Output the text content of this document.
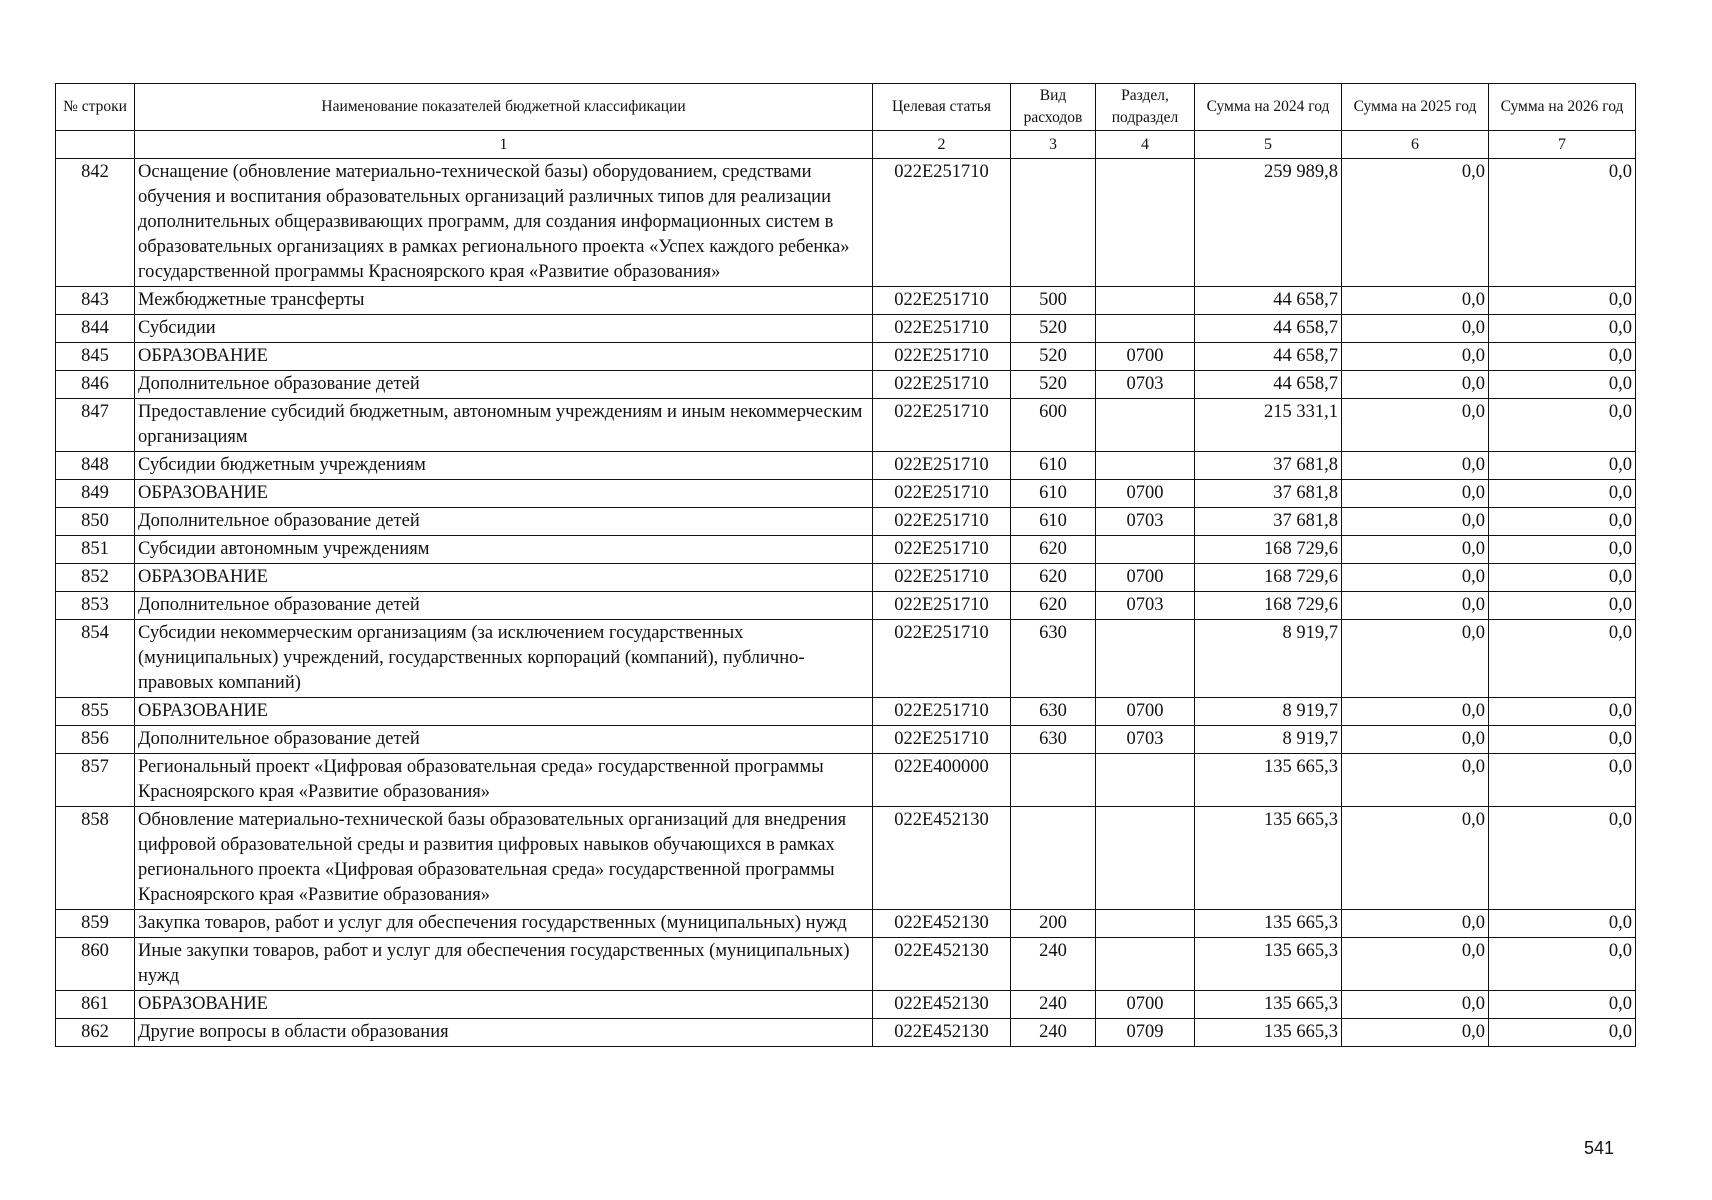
№ строки	Наименование показателей бюджетной классификации	Целевая статья	Вид расходов	Раздел, подраздел	Сумма на 2024 год	Сумма на 2025 год	Сумма на 2026 год
	1	2	3	4	5	6	7
842	Оснащение (обновление материально-технической базы) оборудованием, средствами обучения и воспитания образовательных организаций различных типов для реализации дополнительных общеразвивающих программ, для создания информационных систем в образовательных организациях в рамках регионального проекта «Успех каждого ребенка» государственной программы Красноярского края «Развитие образования»	022E251710			259 989,8	0,0	0,0
843	Межбюджетные трансферты	022E251710	500		44 658,7	0,0	0,0
844	Субсидии	022E251710	520		44 658,7	0,0	0,0
845	ОБРАЗОВАНИЕ	022E251710	520	0700	44 658,7	0,0	0,0
846	Дополнительное образование детей	022E251710	520	0703	44 658,7	0,0	0,0
847	Предоставление субсидий бюджетным, автономным учреждениям и иным некоммерческим организациям	022E251710	600		215 331,1	0,0	0,0
848	Субсидии бюджетным учреждениям	022E251710	610		37 681,8	0,0	0,0
849	ОБРАЗОВАНИЕ	022E251710	610	0700	37 681,8	0,0	0,0
850	Дополнительное образование детей	022E251710	610	0703	37 681,8	0,0	0,0
851	Субсидии автономным учреждениям	022E251710	620		168 729,6	0,0	0,0
852	ОБРАЗОВАНИЕ	022E251710	620	0700	168 729,6	0,0	0,0
853	Дополнительное образование детей	022E251710	620	0703	168 729,6	0,0	0,0
854	Субсидии некоммерческим организациям (за исключением государственных (муниципальных) учреждений, государственных корпораций (компаний), публично-правовых компаний)	022E251710	630		8 919,7	0,0	0,0
855	ОБРАЗОВАНИЕ	022E251710	630	0700	8 919,7	0,0	0,0
856	Дополнительное образование детей	022E251710	630	0703	8 919,7	0,0	0,0
857	Региональный проект «Цифровая образовательная среда» государственной программы Красноярского края «Развитие образования»	022E400000			135 665,3	0,0	0,0
858	Обновление материально-технической базы образовательных организаций для внедрения цифровой образовательной среды и развития цифровых навыков обучающихся в рамках регионального проекта «Цифровая образовательная среда» государственной программы Красноярского края «Развитие образования»	022E452130			135 665,3	0,0	0,0
859	Закупка товаров, работ и услуг для обеспечения государственных (муниципальных) нужд	022E452130	200		135 665,3	0,0	0,0
860	Иные закупки товаров, работ и услуг для обеспечения государственных (муниципальных) нужд	022E452130	240		135 665,3	0,0	0,0
861	ОБРАЗОВАНИЕ	022E452130	240	0700	135 665,3	0,0	0,0
862	Другие вопросы в области образования	022E452130	240	0709	135 665,3	0,0	0,0
541
